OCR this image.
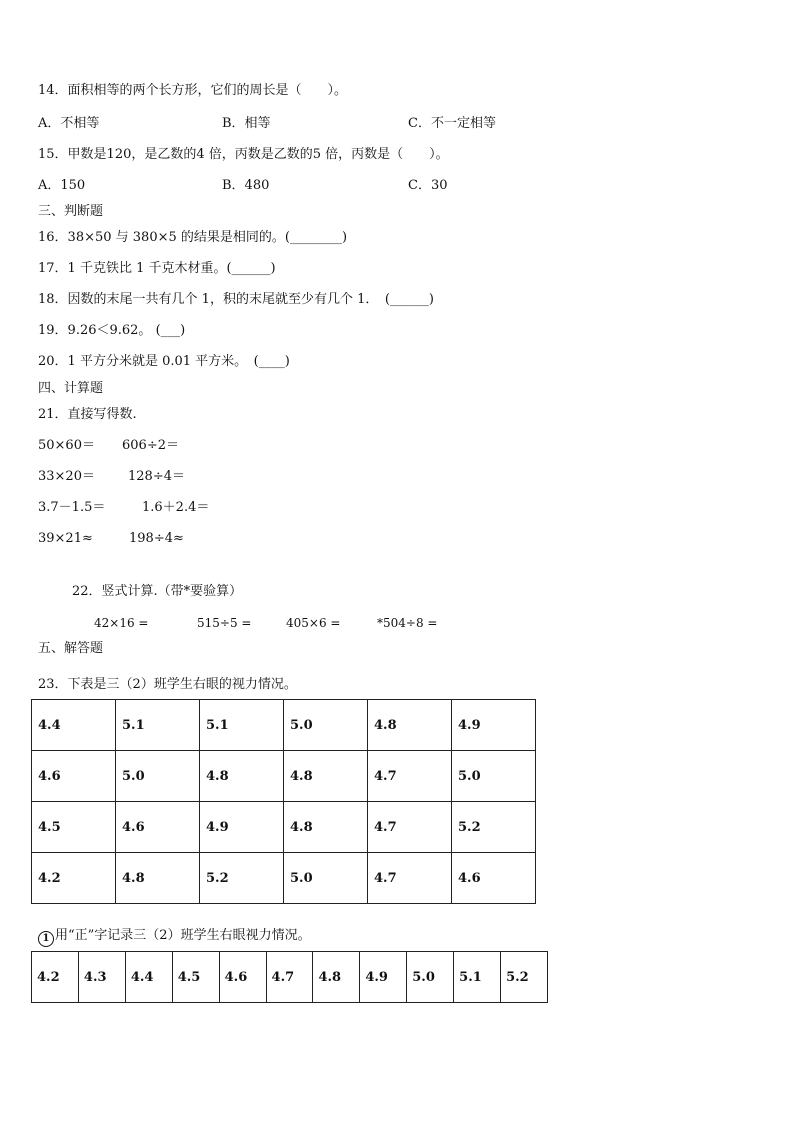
14．面积相等的两个长方形，它们的周长是（　　）。
A．不相等	B．相等	C．不一定相等
15．甲数是120，是乙数的4 倍，丙数是乙数的5 倍，丙数是（　　）。
A．150	B．480	C．30
三、判断题
16．38×50 与 380×5 的结果是相同的。(________)
17．1 千克铁比 1 千克木材重。(______)
18．因数的末尾一共有几个 1，积的末尾就至少有几个 1．　(______)
19．9.26＜9.62。 (___)
20．1 平方分米就是 0.01 平方米。　(____)
四、计算题
21．直接写得数.
50×60＝ 606÷2＝
33×20＝	128÷4＝
3.7－1.5＝	1.6＋2.4＝
39×21≈	198÷4≈
22．竖式计算.（带*要验算）
42×16 =	515÷5 =	405×6 =	*504÷8 =
五、解答题
23．下表是三（2）班学生右眼的视力情况。
4.4	5.1	5.1	5.0	4.8	4.9
4.6	5.0	4.8	4.8	4.7	5.0
4.5	4.6	4.9	4.8	4.7	5.2
4.2	4.8	5.2	5.0	4.7	4.6
1 用“正”字记录三（2）班学生右眼视力情况。
4.2	4.3	4.4	4.5	4.6	4.7	4.8	4.9	5.0	5.1	5.2
